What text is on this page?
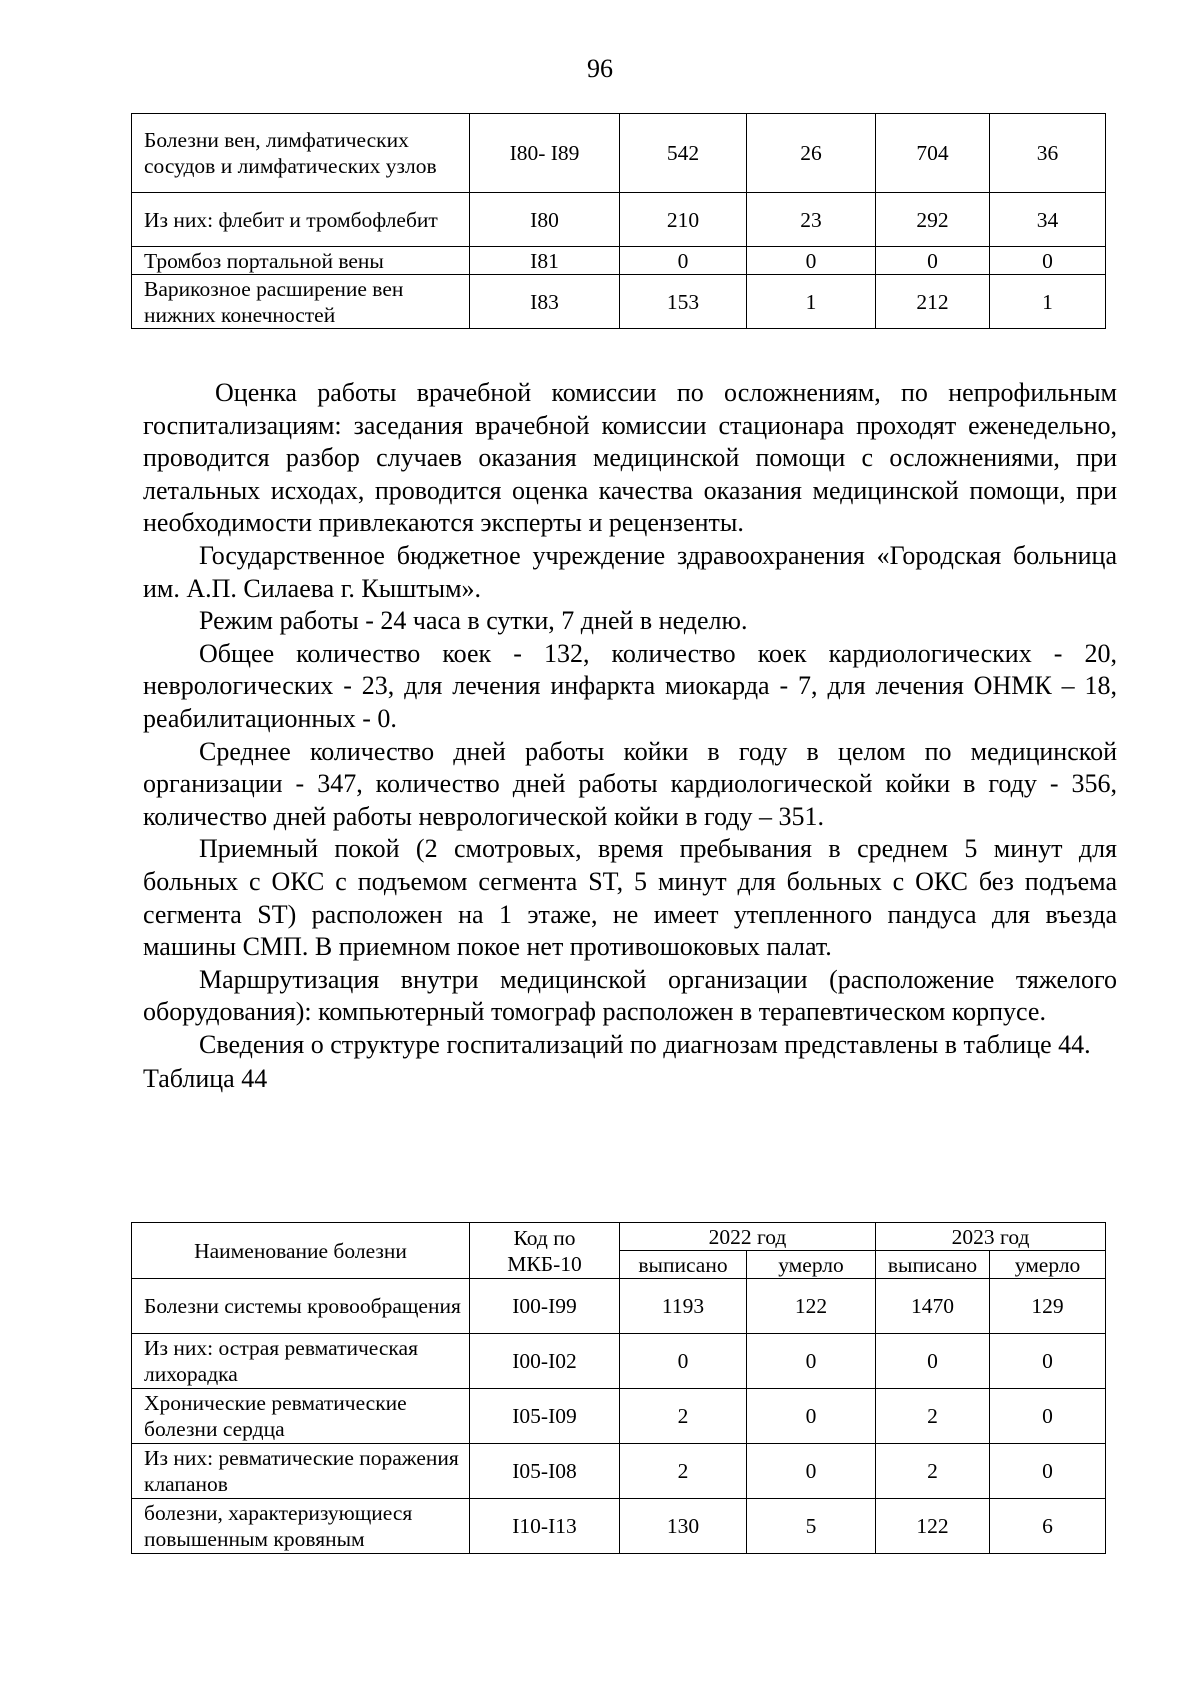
96
Болезни вен, лимфатических сосудов и лимфатических узлов	I80- I89	542	26	704	36
Из них: флебит и тромбофлебит	I80	210	23	292	34
Тромбоз портальной вены	I81	0	0	0	0
Варикозное расширение вен нижних конечностей	I83	153	1	212	1

Оценка работы врачебной комиссии по осложнениям, по непрофильным госпитализациям: заседания врачебной комиссии стационара проходят еженедельно, проводится разбор случаев оказания медицинской помощи с осложнениями, при летальных исходах, проводится оценка качества оказания медицинской помощи, при необходимости привлекаются эксперты и рецензенты.

Государственное бюджетное учреждение здравоохранения «Городская больница им. А.П. Силаева г. Кыштым».

Режим работы - 24 часа в сутки, 7 дней в неделю.

Общее количество коек - 132, количество коек кардиологических - 20, неврологических - 23, для лечения инфаркта миокарда - 7, для лечения ОНМК – 18, реабилитационных - 0.

Среднее количество дней работы койки в году в целом по медицинской организации - 347, количество дней работы кардиологической койки в году - 356, количество дней работы неврологической койки в году – 351.

Приемный покой (2 смотровых, время пребывания в среднем 5 минут для больных с ОКС с подъемом сегмента ST, 5 минут для больных с ОКС без подъема сегмента ST) расположен на 1 этаже, не имеет утепленного пандуса для въезда машины СМП. В приемном покое нет противошоковых палат.

Маршрутизация внутри медицинской организации (расположение тяжелого оборудования): компьютерный томограф расположен в терапевтическом корпусе.

Сведения о структуре госпитализаций по диагнозам представлены в таблице 44.

Таблица 44

Наименование болезни	Код по МКБ-10	2022 год		2023 год	
		выписано	умерло	выписано	умерло
Болезни системы кровообращения	I00-I99	1193	122	1470	129
Из них: острая ревматическая лихорадка	I00-I02	0	0	0	0
Хронические ревматические болезни сердца	I05-I09	2	0	2	0
Из них: ревматические поражения клапанов	I05-I08	2	0	2	0
болезни, характеризующиеся повышенным кровяным	I10-I13	130	5	122	6
